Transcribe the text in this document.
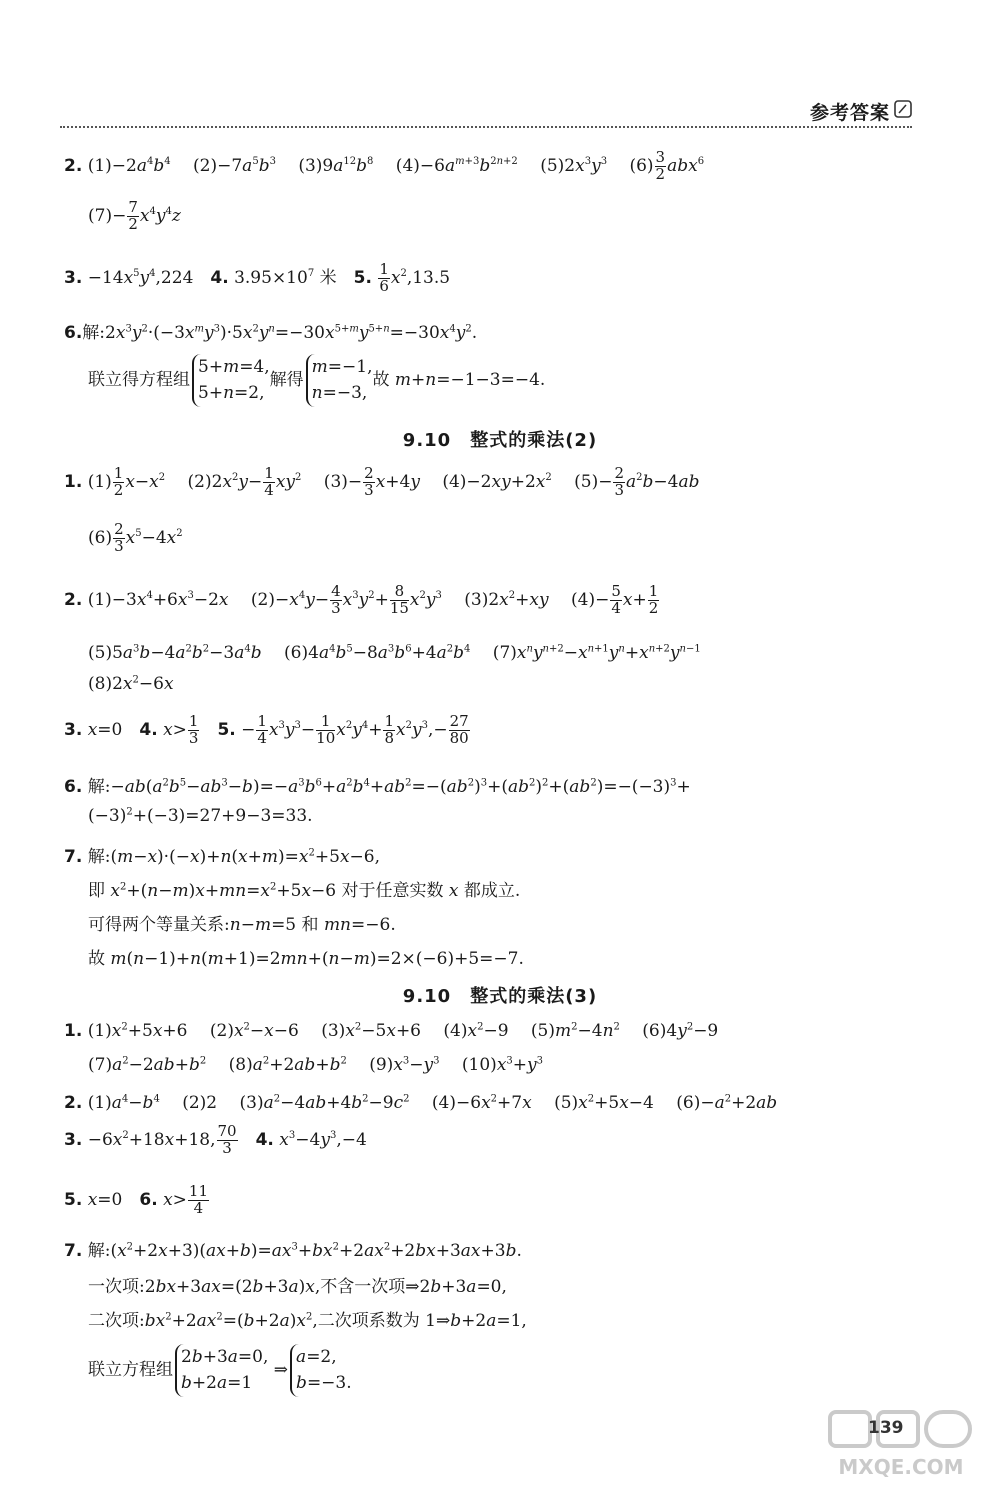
参考答案
2. $(1)-2a^4b^4$　 $(2)-7a^5b^3$　 $(3)9a^{12}b^8$　 $(4)-6a^{m+3}b^{2n+2}$　 $(5)2x^3y^3$　 $(6) \frac{3}{2} abx^6$
$(7)- \frac{7}{2} x^4y^4z$
3. $-14x^5y^4,224$　4. $3.95\times 10^7$ 米　 5. $\frac{1}{6} x^2,13.5$
6.解$:2x^3y^2\cdot(-3x^my^3)\cdot 5x^2y^n=-30x^{5+m}y^{5+n}=-30x^4y^2$.
联立得方程组
5+m=4,
5+n=2,
解得
m=−1,
n=−3,
故 m+n=−1−3=−4.
9.10　整式的乘法(2)
1. $(1) \frac{1}{2} x-x^2$　 $(2)2x^2y- \frac{1}{4} xy^2$　 $(3)- \frac{2}{3} x+4y$　 $(4)-2xy+2x^2$　 $(5)- \frac{2}{3} a^2b-4ab$
$(6) \frac{2}{3} x^5-4x^2$
2. $(1)-3x^4+6x^3-2x$　 $(2)-x^4y- \frac{4}{3} x^3y^2+ \frac{8}{15} x^2y^3$　 $(3)2x^2+xy$　 $(4)- \frac{5}{4} x+ \frac{1}{2}$
$(5)5a^3b-4a^2b^2-3a^4b$　 $(6)4a^4b^5-8a^3b^6+4a^2b^4$　 $(7)x^ny^{n+2}-x^{n+1}y^n+x^{n+2}y^{n-1}$
$(8)2x^2-6x$
3. x=0　4. $x> \frac{1}{3}$
　 5. − $\frac{1}{4} x^3y^3- \frac{1}{10} x^2y^4+ \frac{1}{8} x^2y^3,- \frac{27}{80}$
6. 解$:-ab(a^2b^5-ab^3-b)=-a^3b^6+a^2b^4+ab^2=-(ab^2)^3+(ab^2)^2+(ab^2)=-(-3)^3+$
$(-3)^2+(-3)=27+9-3=33$.
7. 解$:(m-x)\cdot(-x)+n(x+m)=x^2+5x-6$,
即 $x^2+(n-m)x+mn=x^2+5x-6$ 对于任意实数 x 都成立.
可得两个等量关系:n−m=5 和 mn=−6.
故 m(n−1)+n(m+1)=2mn+(n−m)=2×(−6)+5=−7.
9.10　整式的乘法(3)
1. $(1)x^2+5x+6$　 $(2)x^2-x-6$　 $(3)x^2-5x+6$　 $(4)x^2-9$　 $(5)m^2-4n^2$　 $(6)4y^2-9$
$(7)a^2-2ab+b^2$　 $(8)a^2+2ab+b^2$　 $(9)x^3-y^3$　 $(10)x^3+y^3$
2. $(1)a^4-b^4$　 (2)2　 $(3)a^2-4ab+4b^2-9c^2$　 $(4)-6x^2+7x$　 $(5)x^2+5x-4$　 $(6)-a^2+2ab$
3. $-6x^2+18x+18$, $\frac{70}{3}$
　 4. $x^3-4y^3,-4$
5. x=0　6. $x> \frac{11}{4}$
7. 解$:(x^2+2x+3)(ax+b)=ax^3+bx^2+2ax^2+2bx+3ax+3b$.
一次项:2bx+3ax=(2b+3a)x,不含一次项⇒2b+3a=0,
二次项$:bx^2+2ax^2=(b+2a)x^2$,二次项系数为 1⇒b+2a=1,
联立方程组
2b+3a=0,
b+2a=1
⇒
a=2,
b=−3.
139
MXQE.COM
